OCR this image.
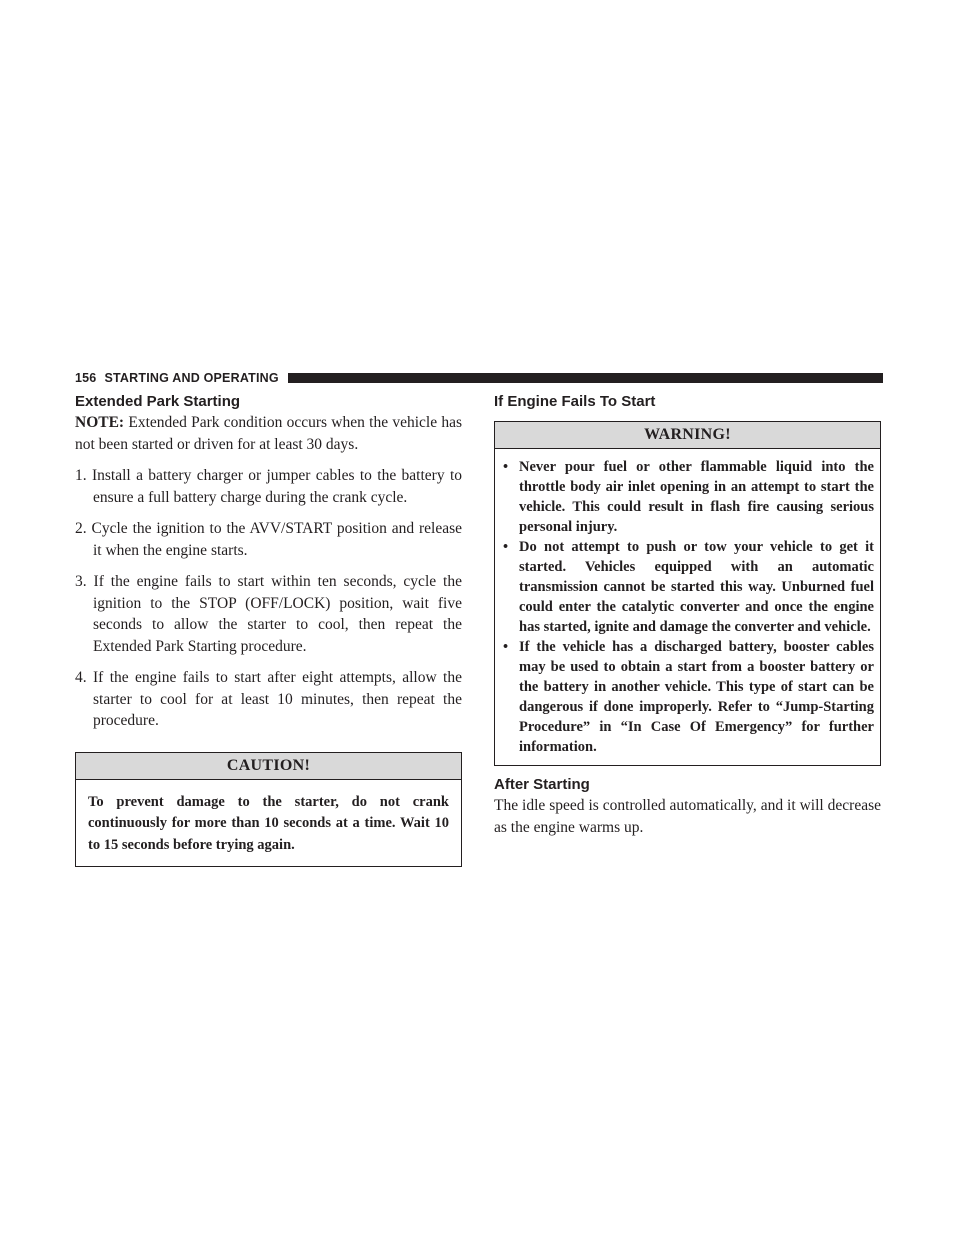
156 STARTING AND OPERATING
Extended Park Starting

NOTE: Extended Park condition occurs when the vehicle has not been started or driven for at least 30 days.

1. Install a battery charger or jumper cables to the battery to ensure a full battery charge during the crank cycle.
2. Cycle the ignition to the AVV/START position and release it when the engine starts.
3. If the engine fails to start within ten seconds, cycle the ignition to the STOP (OFF/LOCK) position, wait five seconds to allow the starter to cool, then repeat the Extended Park Starting procedure.
4. If the engine fails to start after eight attempts, allow the starter to cool for at least 10 minutes, then repeat the procedure.
CAUTION!
To prevent damage to the starter, do not crank continuously for more than 10 seconds at a time. Wait 10 to 15 seconds before trying again.
If Engine Fails To Start
WARNING!
• Never pour fuel or other flammable liquid into the throttle body air inlet opening in an attempt to start the vehicle. This could result in flash fire causing serious personal injury.
• Do not attempt to push or tow your vehicle to get it started. Vehicles equipped with an automatic transmission cannot be started this way. Unburned fuel could enter the catalytic converter and once the engine has started, ignite and damage the converter and vehicle.
• If the vehicle has a discharged battery, booster cables may be used to obtain a start from a booster battery or the battery in another vehicle. This type of start can be dangerous if done improperly. Refer to “Jump-Starting Procedure” in “In Case Of Emergency” for further information.
After Starting

The idle speed is controlled automatically, and it will decrease as the engine warms up.
